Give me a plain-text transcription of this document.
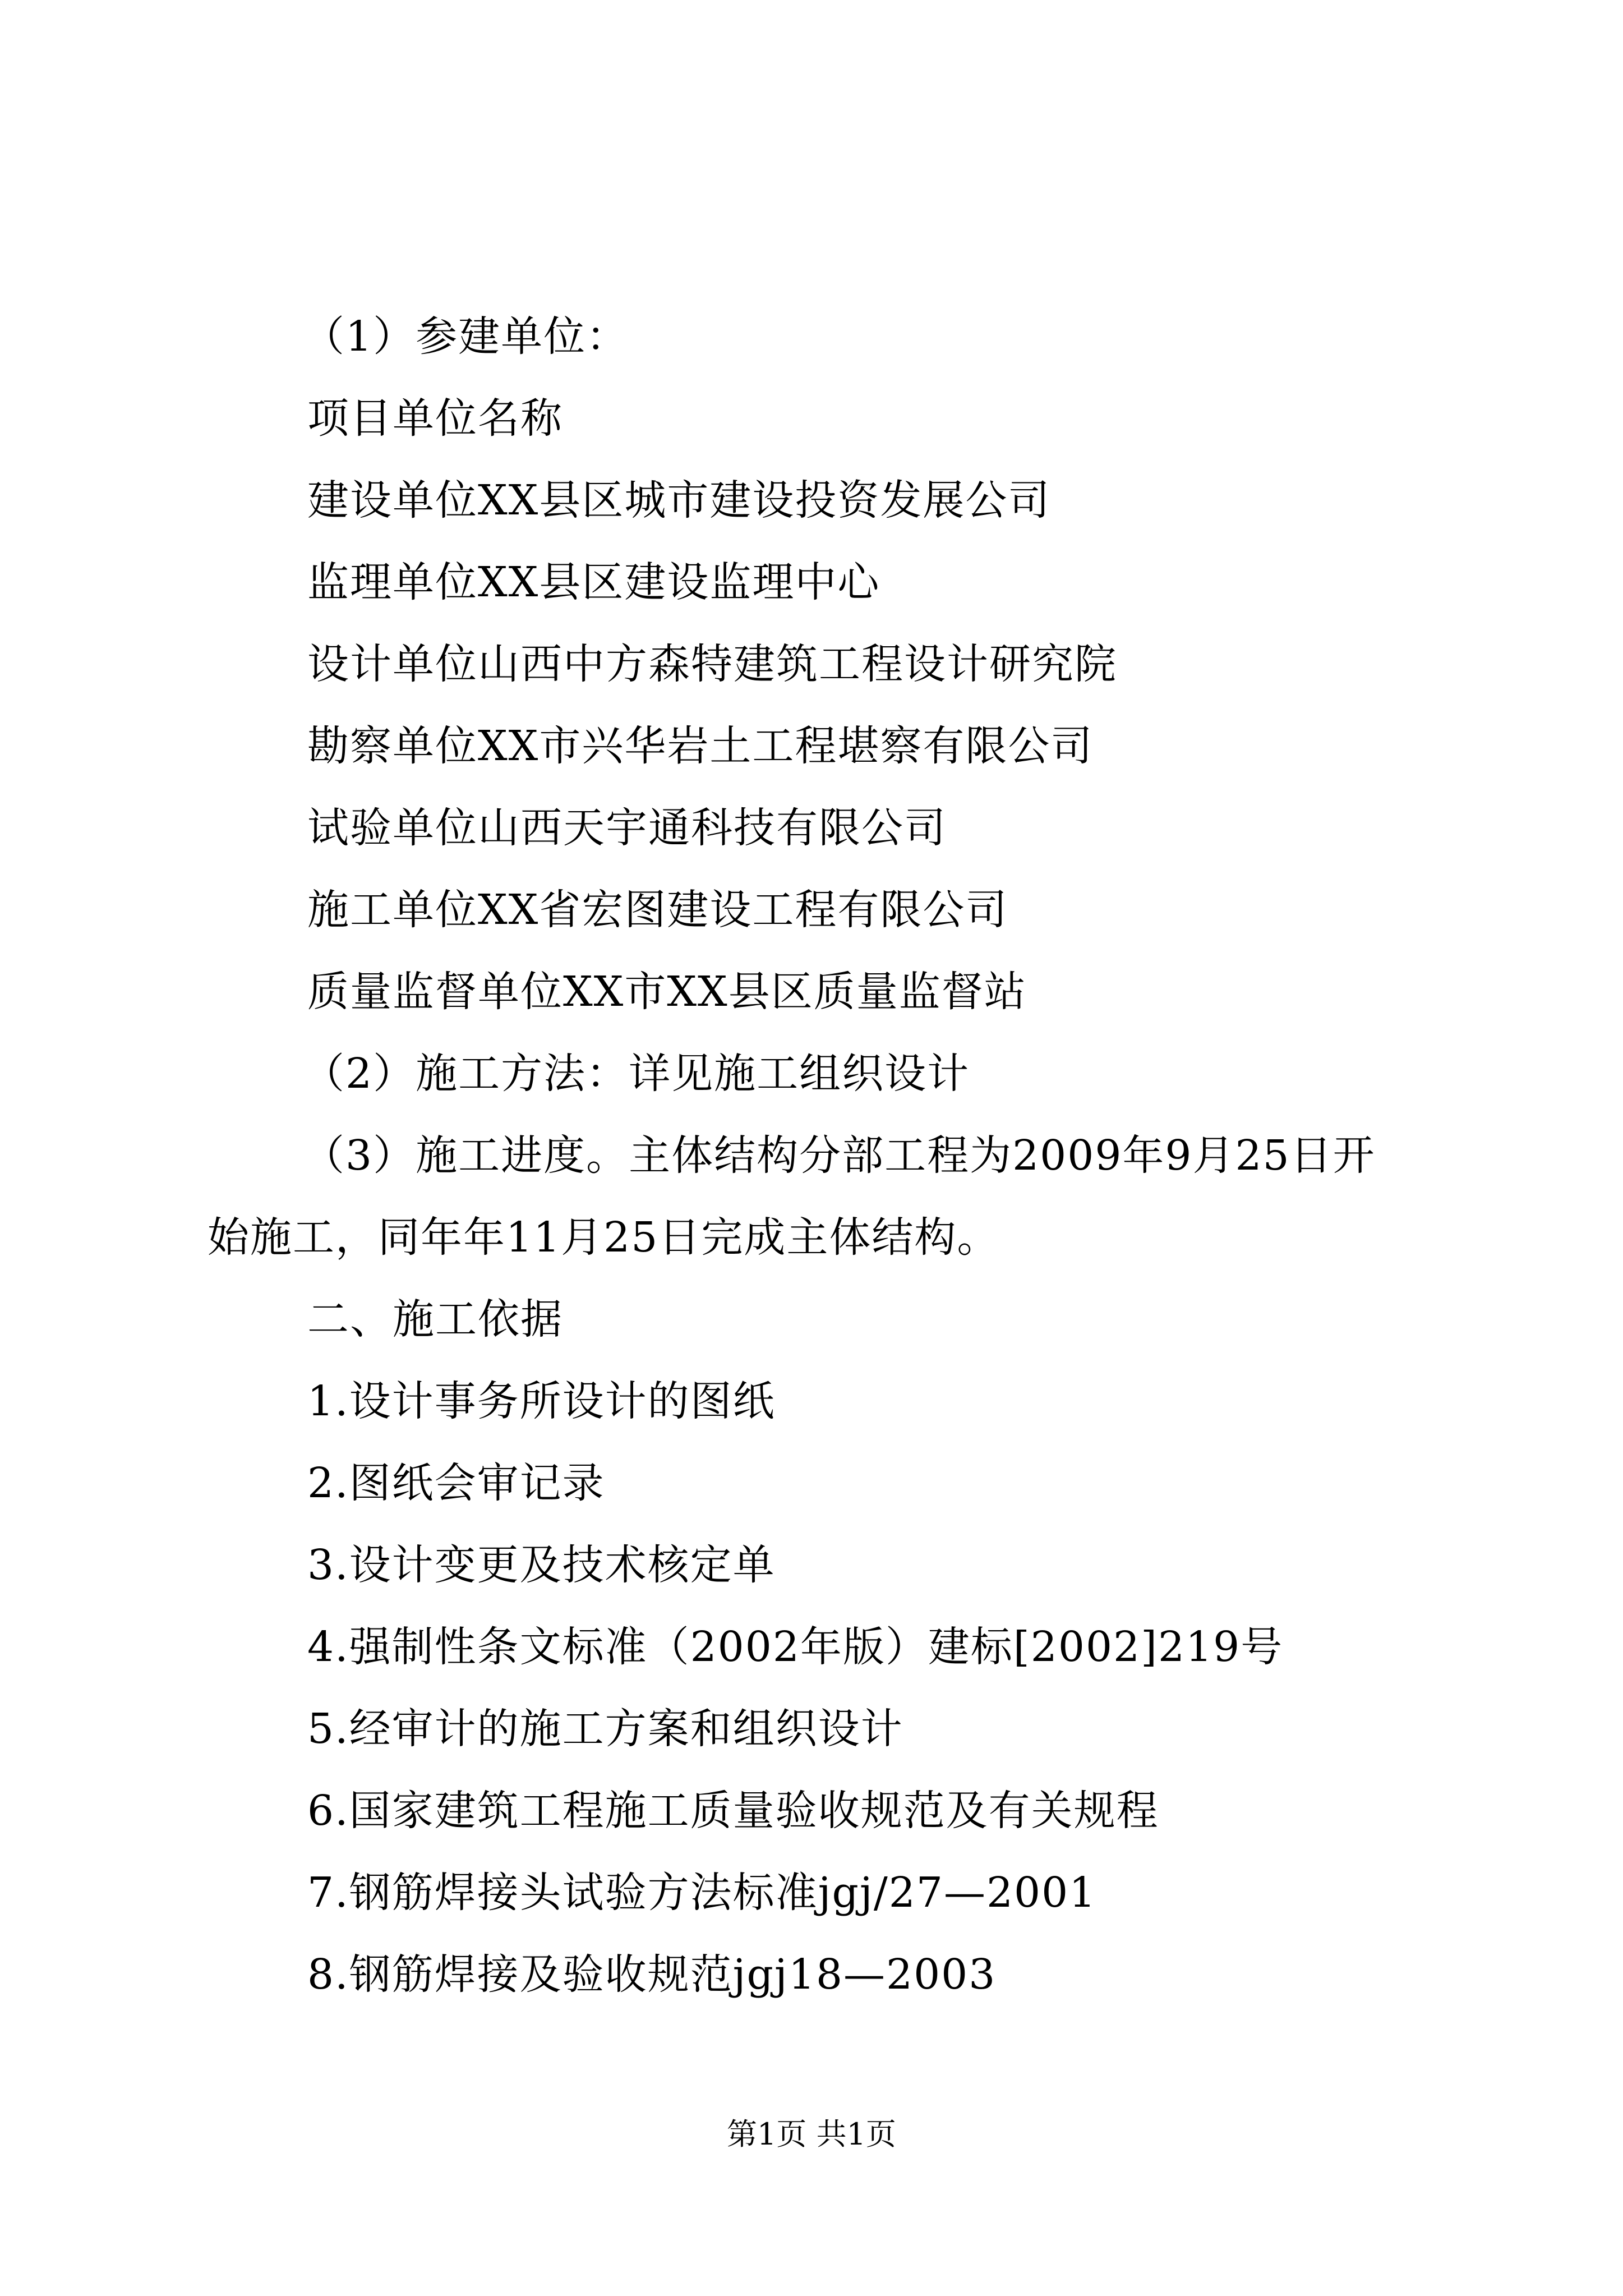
（1）参建单位：
项目单位名称
建设单位XX县区城市建设投资发展公司
监理单位XX县区建设监理中心
设计单位山西中方森特建筑工程设计研究院
勘察单位XX市兴华岩土工程堪察有限公司
试验单位山西天宇通科技有限公司
施工单位XX省宏图建设工程有限公司
质量监督单位XX市XX县区质量监督站
（2）施工方法：详见施工组织设计
（3）施工进度。主体结构分部工程为2009年9月25日开
始施工，同年年11月25日完成主体结构。
二、施工依据
1.设计事务所设计的图纸
2.图纸会审记录
3.设计变更及技术核定单
4.强制性条文标准（2002年版）建标[2002]219号
5.经审计的施工方案和组织设计
6.国家建筑工程施工质量验收规范及有关规程
7.钢筋焊接头试验方法标准jgj/27—2001
8.钢筋焊接及验收规范jgj18—2003
第1页 共1页
